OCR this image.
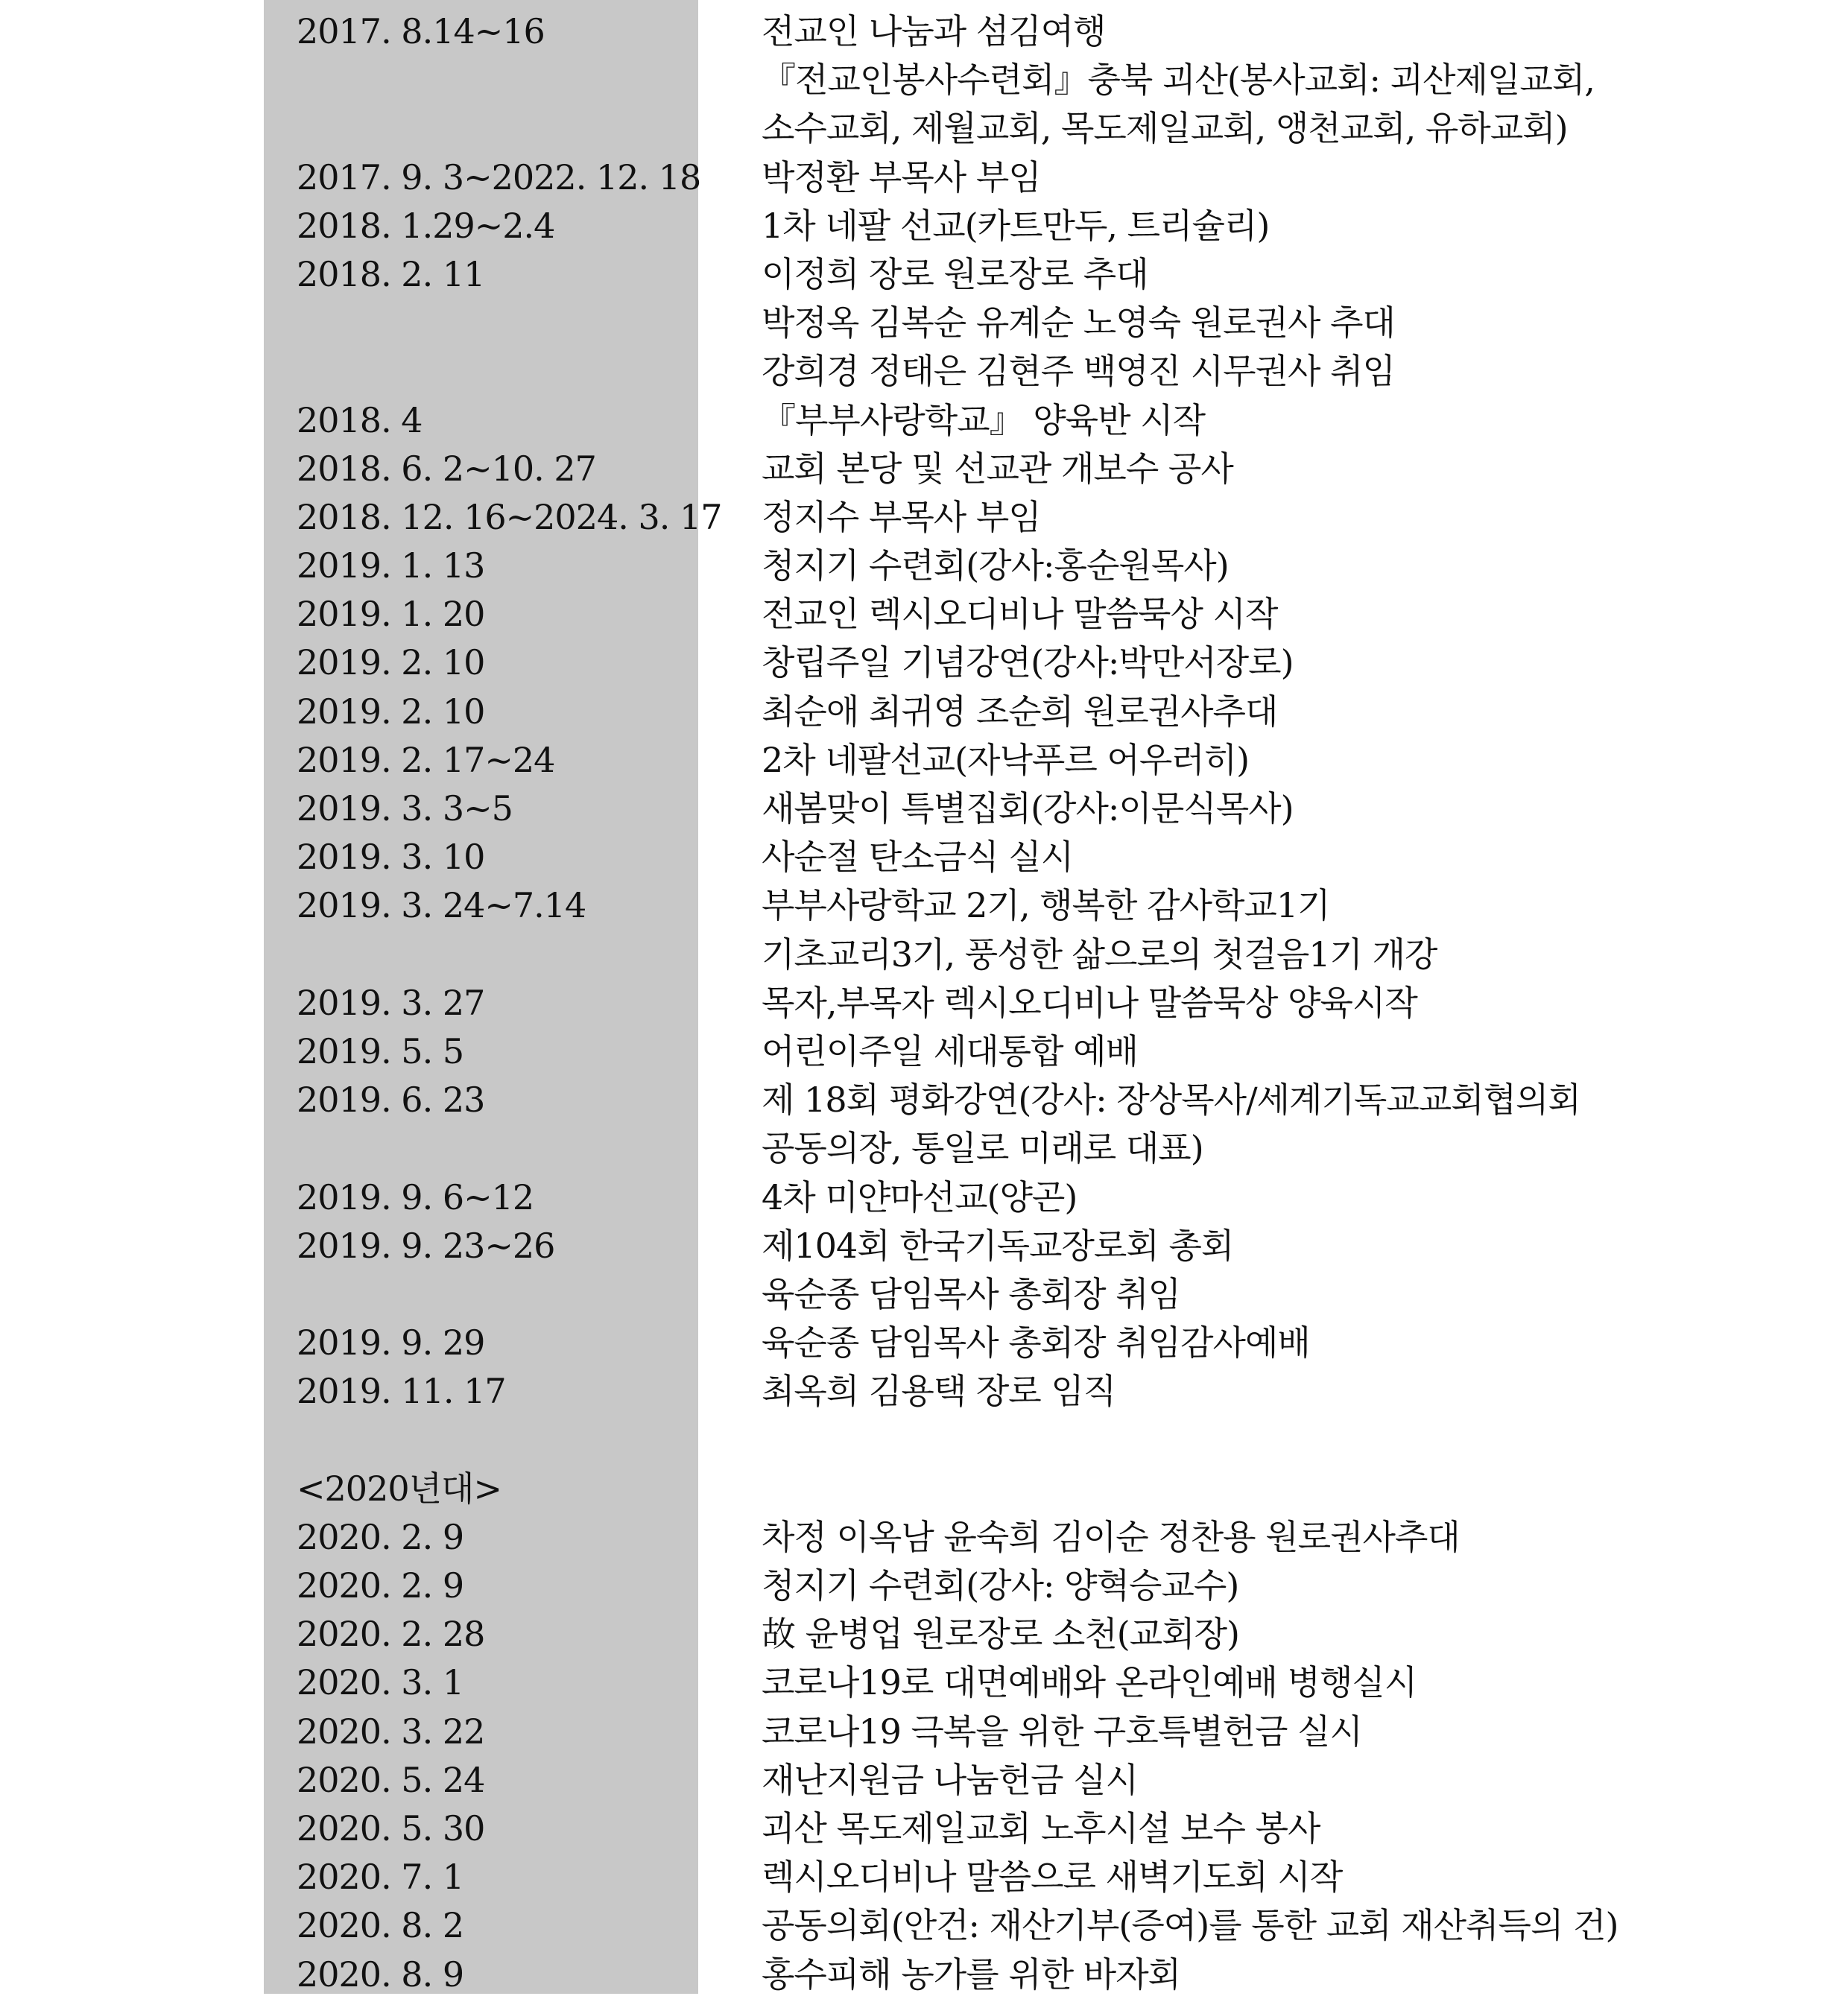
2017. 8.14~16	전교인 나눔과 섬김여행
『전교인봉사수련회』충북 괴산(봉사교회: 괴산제일교회,
소수교회, 제월교회, 목도제일교회, 앵천교회, 유하교회)
2017. 9. 3~2022. 12. 18 박정환 부목사 부임
2018. 1.29~2.4	1차 네팔 선교(카트만두, 트리슐리)
2018. 2. 11	이정희 장로 원로장로 추대
박정옥 김복순 유계순 노영숙 원로권사 추대
강희경 정태은 김현주 백영진 시무권사 취임
2018. 4	『부부사랑학교』 양육반 시작
2018. 6. 2~10. 27	교회 본당 및 선교관 개보수 공사
2018. 12. 16~2024. 3. 17 정지수 부목사 부임
2019. 1. 13	청지기 수련회(강사:홍순원목사)
2019. 1. 20	전교인 렉시오디비나 말씀묵상 시작
2019. 2. 10	창립주일 기념강연(강사:박만서장로)
2019. 2. 10	최순애 최귀영 조순희 원로권사추대
2019. 2. 17~24	2차 네팔선교(자낙푸르 어우러히)
2019. 3. 3~5	새봄맞이 특별집회(강사:이문식목사)
2019. 3. 10	사순절 탄소금식 실시
2019. 3. 24~7.14	부부사랑학교 2기, 행복한 감사학교1기
기초교리3기, 풍성한 삶으로의 첫걸음1기 개강
2019. 3. 27	목자,부목자 렉시오디비나 말씀묵상 양육시작
2019. 5. 5	어린이주일 세대통합 예배
2019. 6. 23	제 18회 평화강연(강사: 장상목사/세계기독교교회협의회
공동의장, 통일로 미래로 대표)
2019. 9. 6~12	4차 미얀마선교(양곤)
2019. 9. 23~26	제104회 한국기독교장로회 총회
육순종 담임목사 총회장 취임
2019. 9. 29	육순종 담임목사 총회장 취임감사예배
2019. 11. 17	최옥희 김용택 장로 임직
<2020년대>
2020. 2. 9	차정 이옥남 윤숙희 김이순 정찬용 원로권사추대
2020. 2. 9	청지기 수련회(강사: 양혁승교수)
2020. 2. 28	故 윤병업 원로장로 소천(교회장)
2020. 3. 1	코로나19로 대면예배와 온라인예배 병행실시
2020. 3. 22	코로나19 극복을 위한 구호특별헌금 실시
2020. 5. 24	재난지원금 나눔헌금 실시
2020. 5. 30	괴산 목도제일교회 노후시설 보수 봉사
2020. 7. 1	렉시오디비나 말씀으로 새벽기도회 시작
2020. 8. 2	공동의회(안건: 재산기부(증여)를 통한 교회 재산취득의 건)
2020. 8. 9	홍수피해 농가를 위한 바자회
